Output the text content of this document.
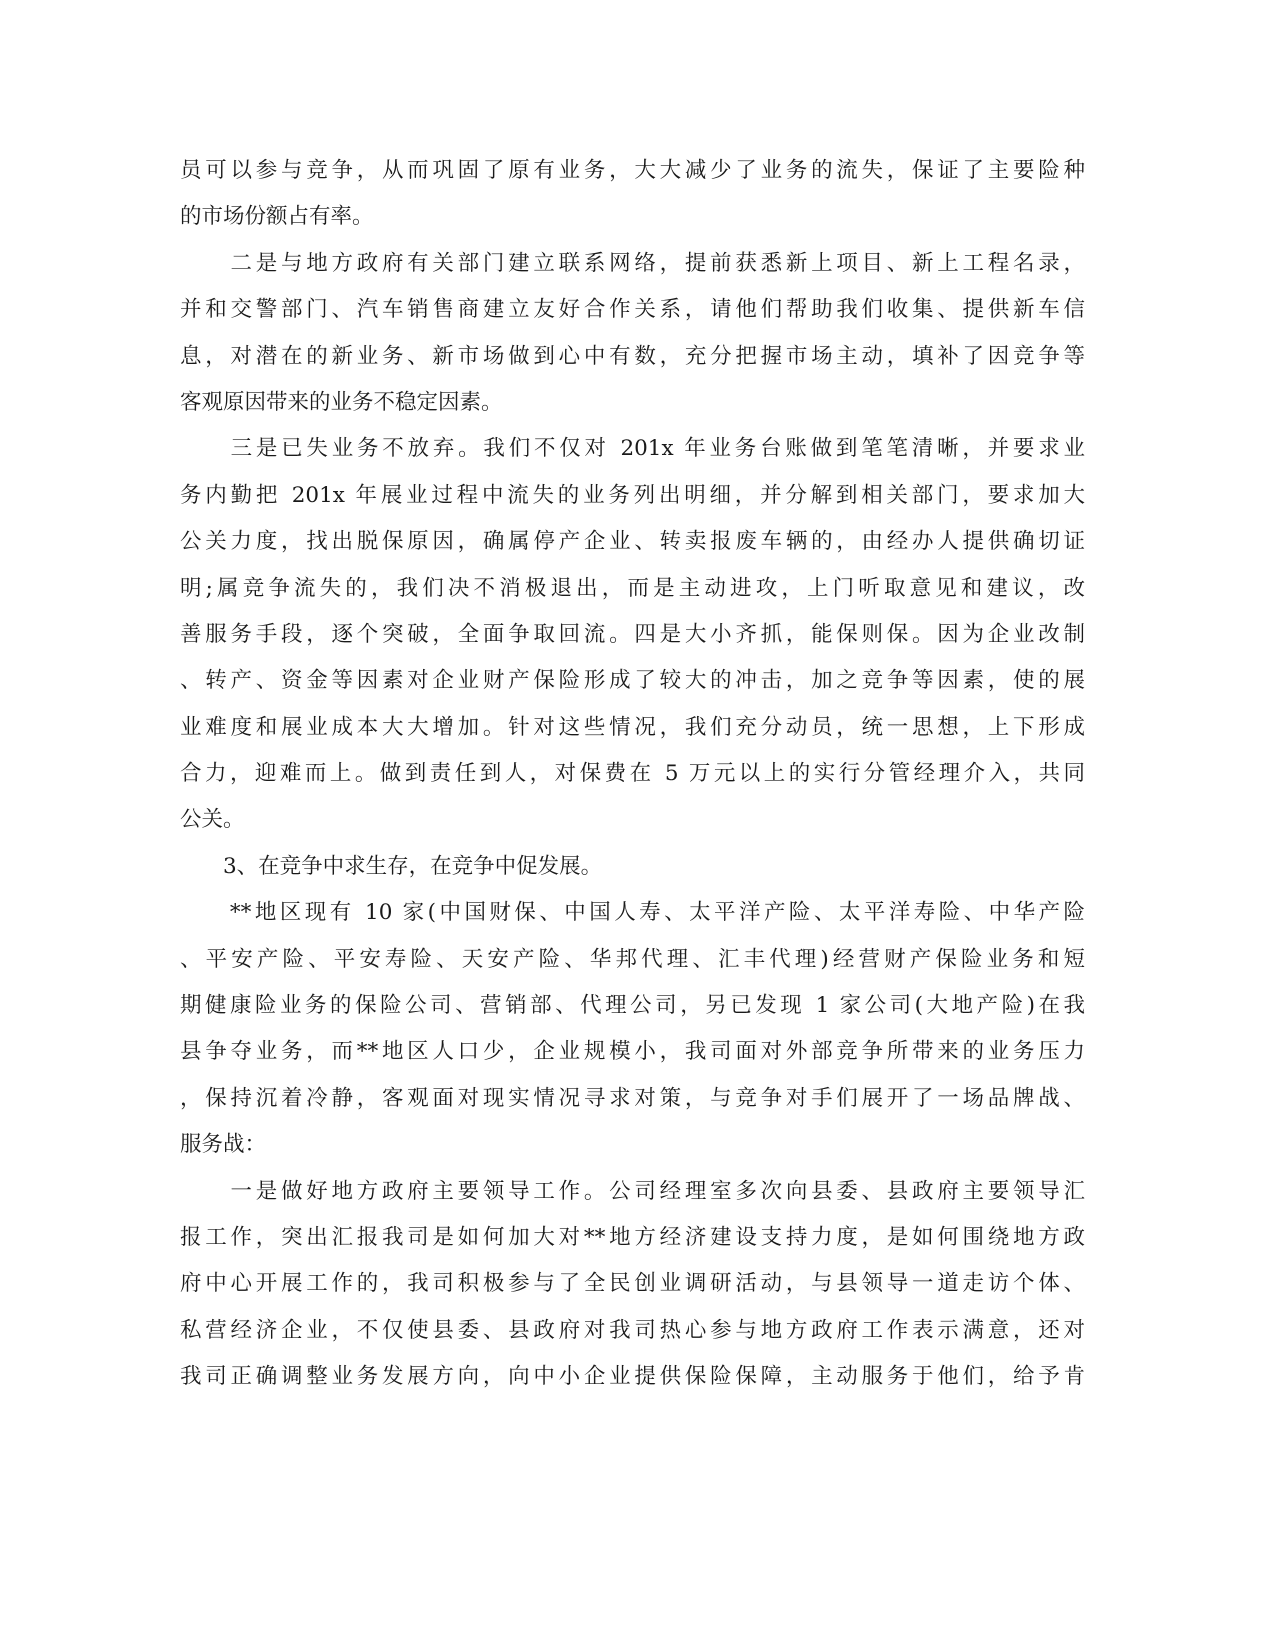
员可以参与竞争，从而巩固了原有业务，大大减少了业务的流失，保证了主要险种
的市场份额占有率。
　　二是与地方政府有关部门建立联系网络，提前获悉新上项目、新上工程名录，
并和交警部门、汽车销售商建立友好合作关系，请他们帮助我们收集、提供新车信
息，对潜在的新业务、新市场做到心中有数，充分把握市场主动，填补了因竞争等
客观原因带来的业务不稳定因素。
　　三是已失业务不放弃。我们不仅对 201x 年业务台账做到笔笔清晰，并要求业
务内勤把 201x 年展业过程中流失的业务列出明细，并分解到相关部门，要求加大
公关力度，找出脱保原因，确属停产企业、转卖报废车辆的，由经办人提供确切证
明;属竞争流失的，我们决不消极退出，而是主动进攻，上门听取意见和建议，改
善服务手段，逐个突破，全面争取回流。四是大小齐抓，能保则保。因为企业改制
、转产、资金等因素对企业财产保险形成了较大的冲击，加之竞争等因素，使的展
业难度和展业成本大大增加。针对这些情况，我们充分动员，统一思想，上下形成
合力，迎难而上。做到责任到人，对保费在 5 万元以上的实行分管经理介入，共同
公关。
　　3、在竞争中求生存，在竞争中促发展。
　　**地区现有 10 家(中国财保、中国人寿、太平洋产险、太平洋寿险、中华产险
、平安产险、平安寿险、天安产险、华邦代理、汇丰代理)经营财产保险业务和短
期健康险业务的保险公司、营销部、代理公司，另已发现 1 家公司(大地产险)在我
县争夺业务，而**地区人口少，企业规模小，我司面对外部竞争所带来的业务压力
，保持沉着冷静，客观面对现实情况寻求对策，与竞争对手们展开了一场品牌战、
服务战：
　　一是做好地方政府主要领导工作。公司经理室多次向县委、县政府主要领导汇
报工作，突出汇报我司是如何加大对**地方经济建设支持力度，是如何围绕地方政
府中心开展工作的，我司积极参与了全民创业调研活动，与县领导一道走访个体、
私营经济企业，不仅使县委、县政府对我司热心参与地方政府工作表示满意，还对
我司正确调整业务发展方向，向中小企业提供保险保障，主动服务于他们，给予肯
